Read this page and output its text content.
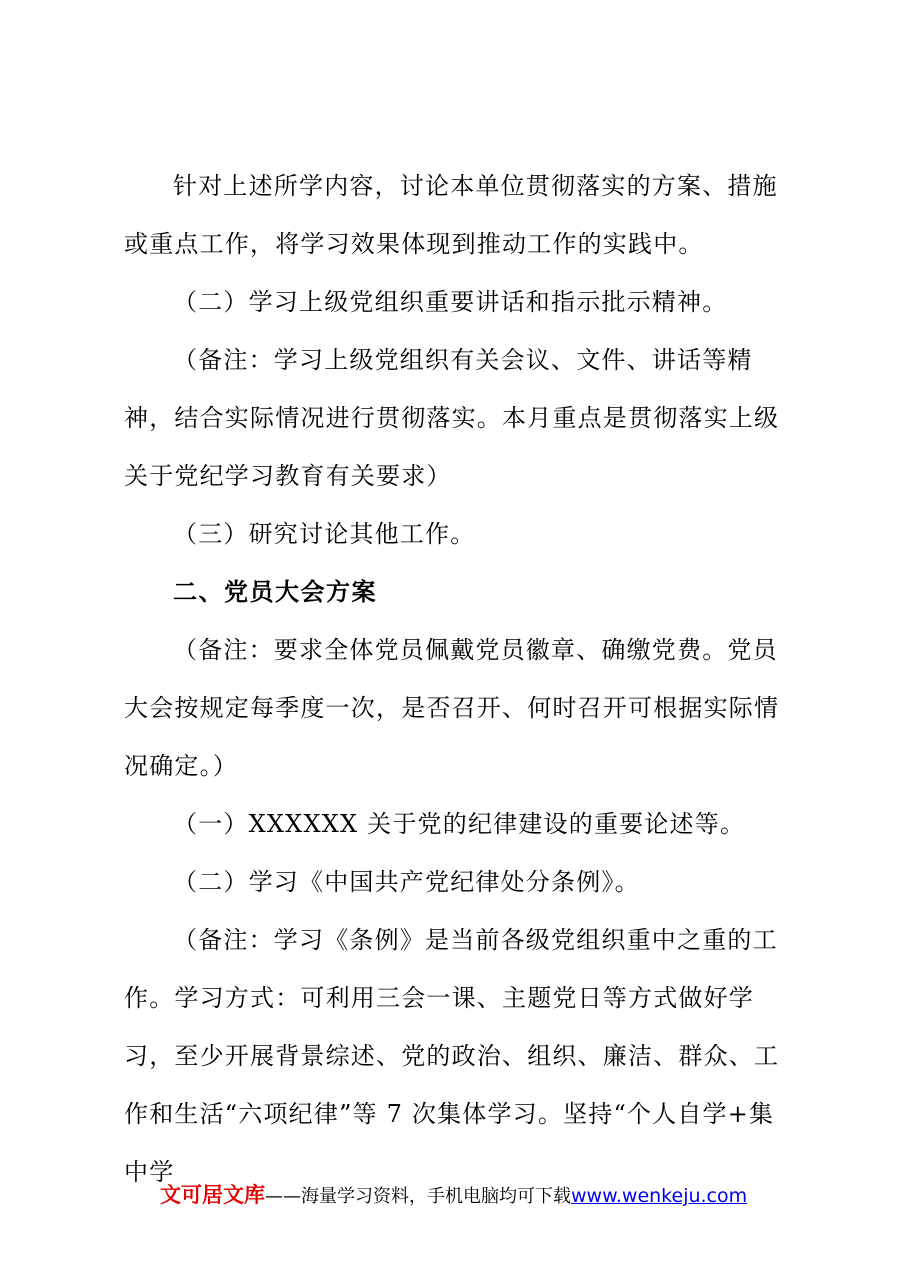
针对上述所学内容，讨论本单位贯彻落实的方案、措施或重点工作，将学习效果体现到推动工作的实践中。

（二）学习上级党组织重要讲话和指示批示精神。

（备注：学习上级党组织有关会议、文件、讲话等精神，结合实际情况进行贯彻落实。本月重点是贯彻落实上级关于党纪学习教育有关要求）

（三）研究讨论其他工作。

二、党员大会方案

（备注：要求全体党员佩戴党员徽章、确缴党费。党员大会按规定每季度一次，是否召开、何时召开可根据实际情况确定。）

（一）XXXXXX 关于党的纪律建设的重要论述等。

（二）学习《中国共产党纪律处分条例》。

（备注：学习《条例》是当前各级党组织重中之重的工作。学习方式：可利用三会一课、主题党日等方式做好学习，至少开展背景综述、党的政治、组织、廉洁、群众、工作和生活“六项纪律”等 7 次集体学习。坚持“个人自学+集中学

文可居文库——海量学习资料，手机电脑均可下载www.wenkeju.com
